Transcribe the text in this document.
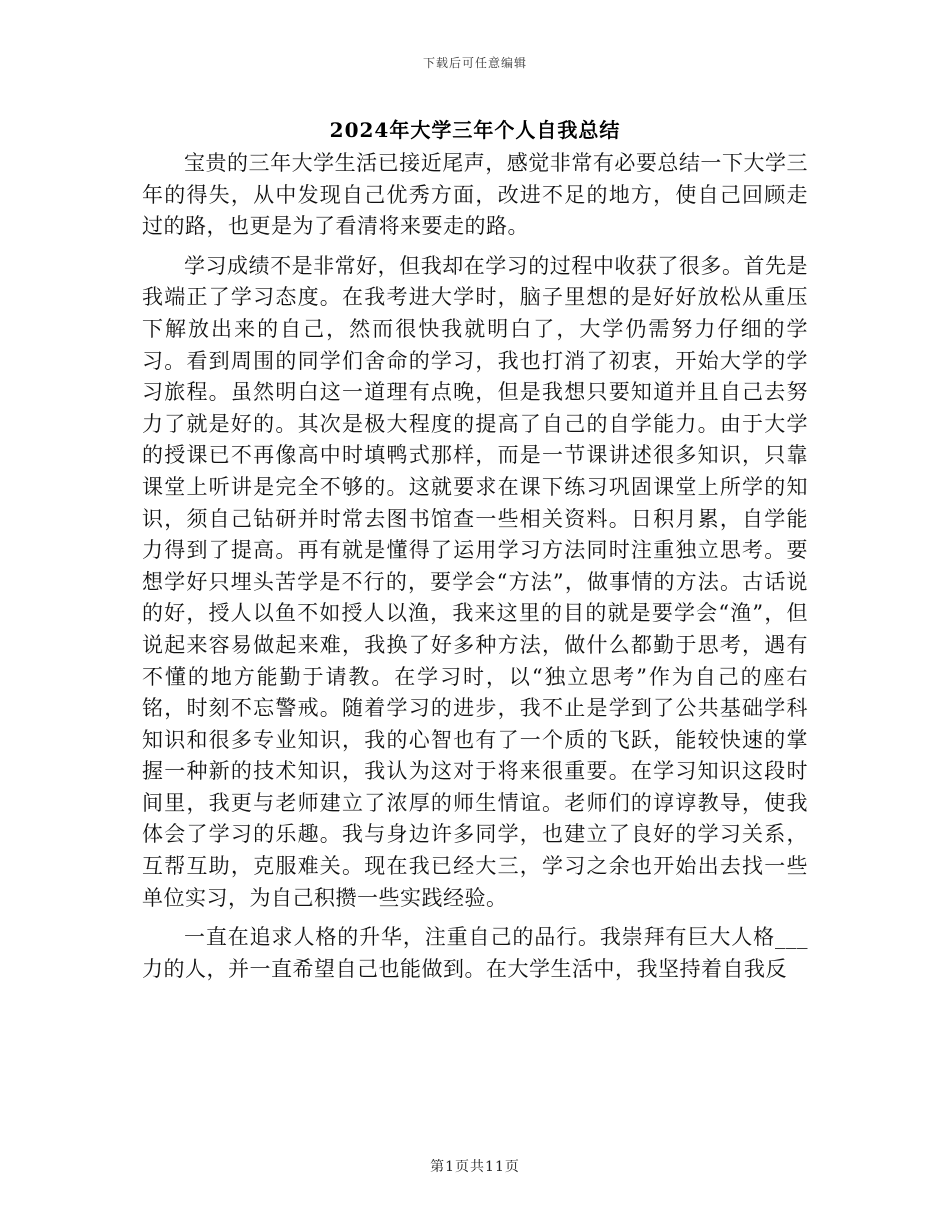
下载后可任意编辑
2024年大学三年个人自我总结

宝贵的三年大学生活已接近尾声，感觉非常有必要总结一下大学三年的得失，从中发现自己优秀方面，改进不足的地方，使自己回顾走过的路，也更是为了看清将来要走的路。

学习成绩不是非常好，但我却在学习的过程中收获了很多。首先是我端正了学习态度。在我考进大学时，脑子里想的是好好放松从重压下解放出来的自己，然而很快我就明白了，大学仍需努力仔细的学习。看到周围的同学们舍命的学习，我也打消了初衷，开始大学的学习旅程。虽然明白这一道理有点晚，但是我想只要知道并且自己去努力了就是好的。其次是极大程度的提高了自己的自学能力。由于大学的授课已不再像高中时填鸭式那样，而是一节课讲述很多知识，只靠课堂上听讲是完全不够的。这就要求在课下练习巩固课堂上所学的知识，须自己钻研并时常去图书馆查一些相关资料。日积月累，自学能力得到了提高。再有就是懂得了运用学习方法同时注重独立思考。要想学好只埋头苦学是不行的，要学会“方法”，做事情的方法。古话说的好，授人以鱼不如授人以渔，我来这里的目的就是要学会“渔”，但说起来容易做起来难，我换了好多种方法，做什么都勤于思考，遇有不懂的地方能勤于请教。在学习时，以“独立思考”作为自己的座右铭，时刻不忘警戒。随着学习的进步，我不止是学到了公共基础学科知识和很多专业知识，我的心智也有了一个质的飞跃，能较快速的掌握一种新的技术知识，我认为这对于将来很重要。在学习知识这段时间里，我更与老师建立了浓厚的师生情谊。老师们的谆谆教导，使我体会了学习的乐趣。我与身边许多同学，也建立了良好的学习关系，互帮互助，克服难关。现在我已经大三，学习之余也开始出去找一些单位实习，为自己积攒一些实践经验。

一直在追求人格的升华，注重自己的品行。我崇拜有巨大人格___力的人，并一直希望自己也能做到。在大学生活中，我坚持着自我反

第1页共11页
